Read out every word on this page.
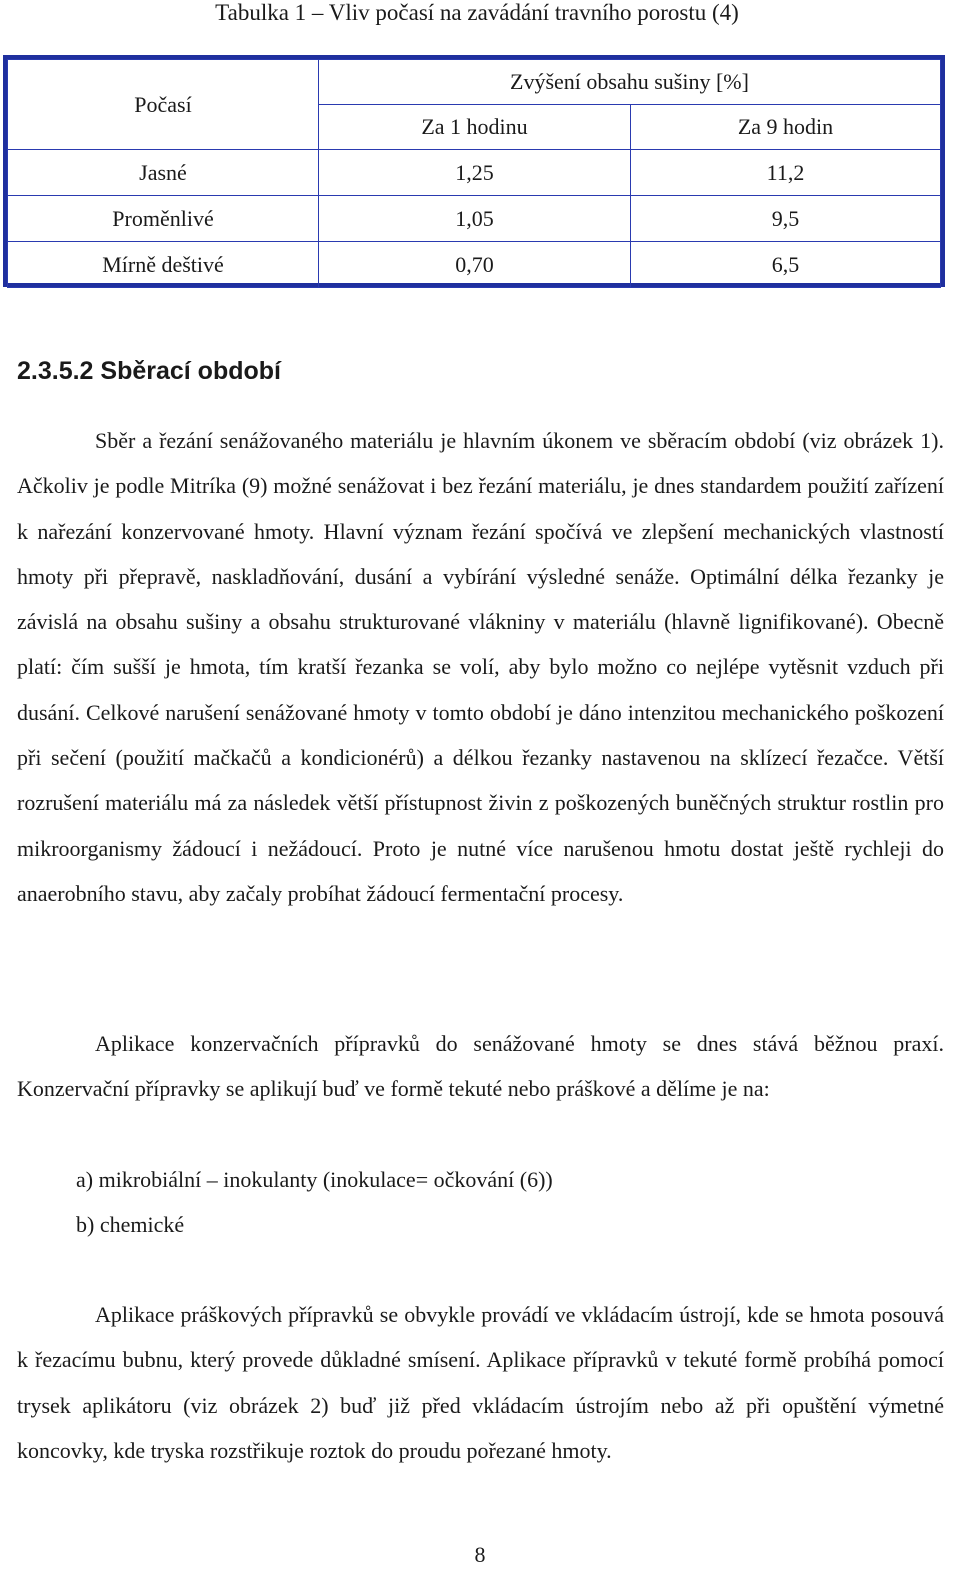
Tabulka 1 – Vliv počasí na zavádání travního porostu (4)
Počasí	Zvýšení obsahu sušiny [%]	
	Za 1 hodinu	Za 9 hodin
Jasné	1,25	11,2
Proměnlivé	1,05	9,5
Mírně deštivé	0,70	6,5
2.3.5.2 Sběrací období

Sběr a řezání senážovaného materiálu je hlavním úkonem ve sběracím období (viz obrázek 1). Ačkoliv je podle Mitríka (9) možné senážovat i bez řezání materiálu, je dnes standardem použití zařízení k nařezání konzervované hmoty. Hlavní význam řezání spočívá ve zlepšení mechanických vlastností hmoty při přepravě, naskladňování, dusání a vybírání výsledné senáže. Optimální délka řezanky je závislá na obsahu sušiny a obsahu strukturované vlákniny v materiálu (hlavně lignifikované). Obecně platí: čím sušší je hmota, tím kratší řezanka se volí, aby bylo možno co nejlépe vytěsnit vzduch při dusání. Celkové narušení senážované hmoty v tomto období je dáno intenzitou mechanického poškození při sečení (použití mačkačů a kondicionérů) a délkou řezanky nastavenou na sklízecí řezačce. Větší rozrušení materiálu má za následek větší přístupnost živin z poškozených buněčných struktur rostlin pro mikroorganismy žádoucí i nežádoucí. Proto je nutné více narušenou hmotu dostat ještě rychleji do anaerobního stavu, aby začaly probíhat žádoucí fermentační procesy.

Aplikace konzervačních přípravků do senážované hmoty se dnes stává běžnou praxí. Konzervační přípravky se aplikují buď ve formě tekuté nebo práškové a dělíme je na:

a) mikrobiální – inokulanty (inokulace= očkování (6))
b) chemické

Aplikace práškových přípravků se obvykle provádí ve vkládacím ústrojí, kde se hmota posouvá k řezacímu bubnu, který provede důkladné smísení. Aplikace přípravků v tekuté formě probíhá pomocí trysek aplikátoru (viz obrázek 2) buď již před vkládacím ústrojím nebo až při opuštění výmetné koncovky, kde tryska rozstřikuje roztok do proudu pořezané hmoty.

8
